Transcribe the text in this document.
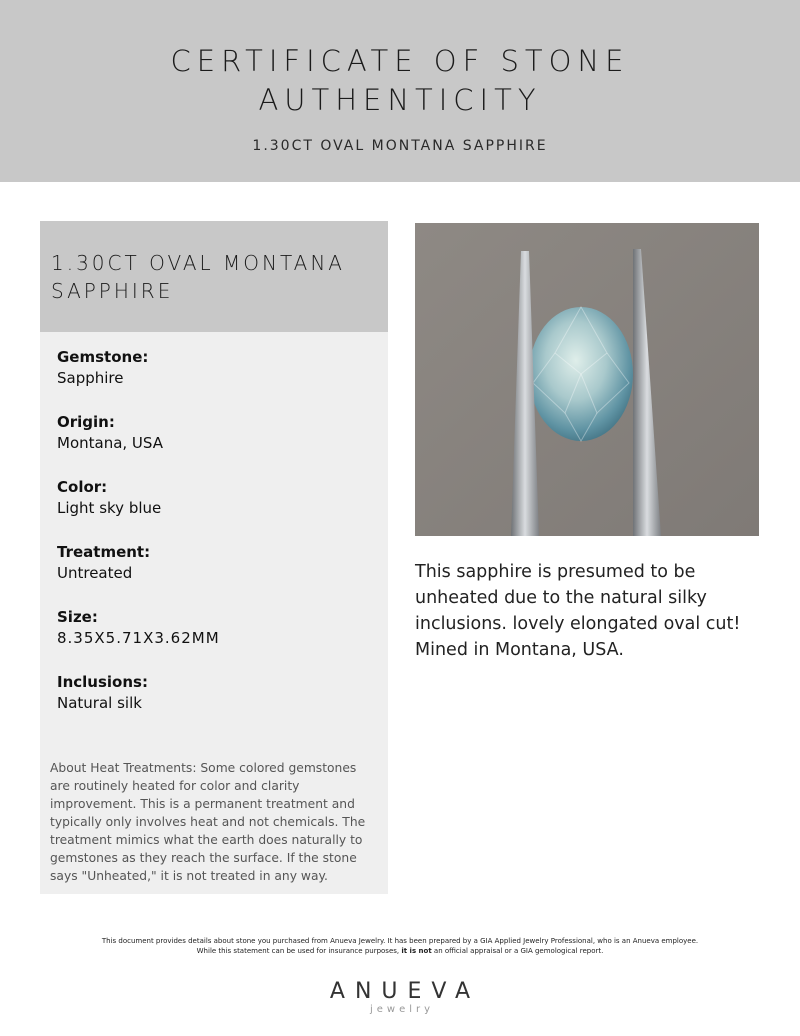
CERTIFICATE OF STONE
AUTHENTICITY
1.30CT OVAL MONTANA SAPPHIRE
1.30CT OVAL MONTANA
SAPPHIRE
Gemstone:
Sapphire
Origin:
Montana, USA
Color:
Light sky blue
Treatment:
Untreated
Size:
8.35X5.71X3.62MM
Inclusions:
Natural silk
About Heat Treatments: Some colored gemstones are routinely heated for color and clarity improvement. This is a permanent treatment and typically only involves heat and not chemicals. The treatment mimics what the earth does naturally to gemstones as they reach the surface. If the stone says "Unheated," it is not treated in any way.
This sapphire is presumed to be unheated due to the natural silky inclusions. lovely elongated oval cut! Mined in Montana, USA.
This document provides details about stone you purchased from Anueva Jewelry. It has been prepared by a GIA Applied Jewelry Professional, who is an Anueva employee.
While this statement can be used for insurance purposes, it is not an official appraisal or a GIA gemological report.
ANUEVA
jewelry
